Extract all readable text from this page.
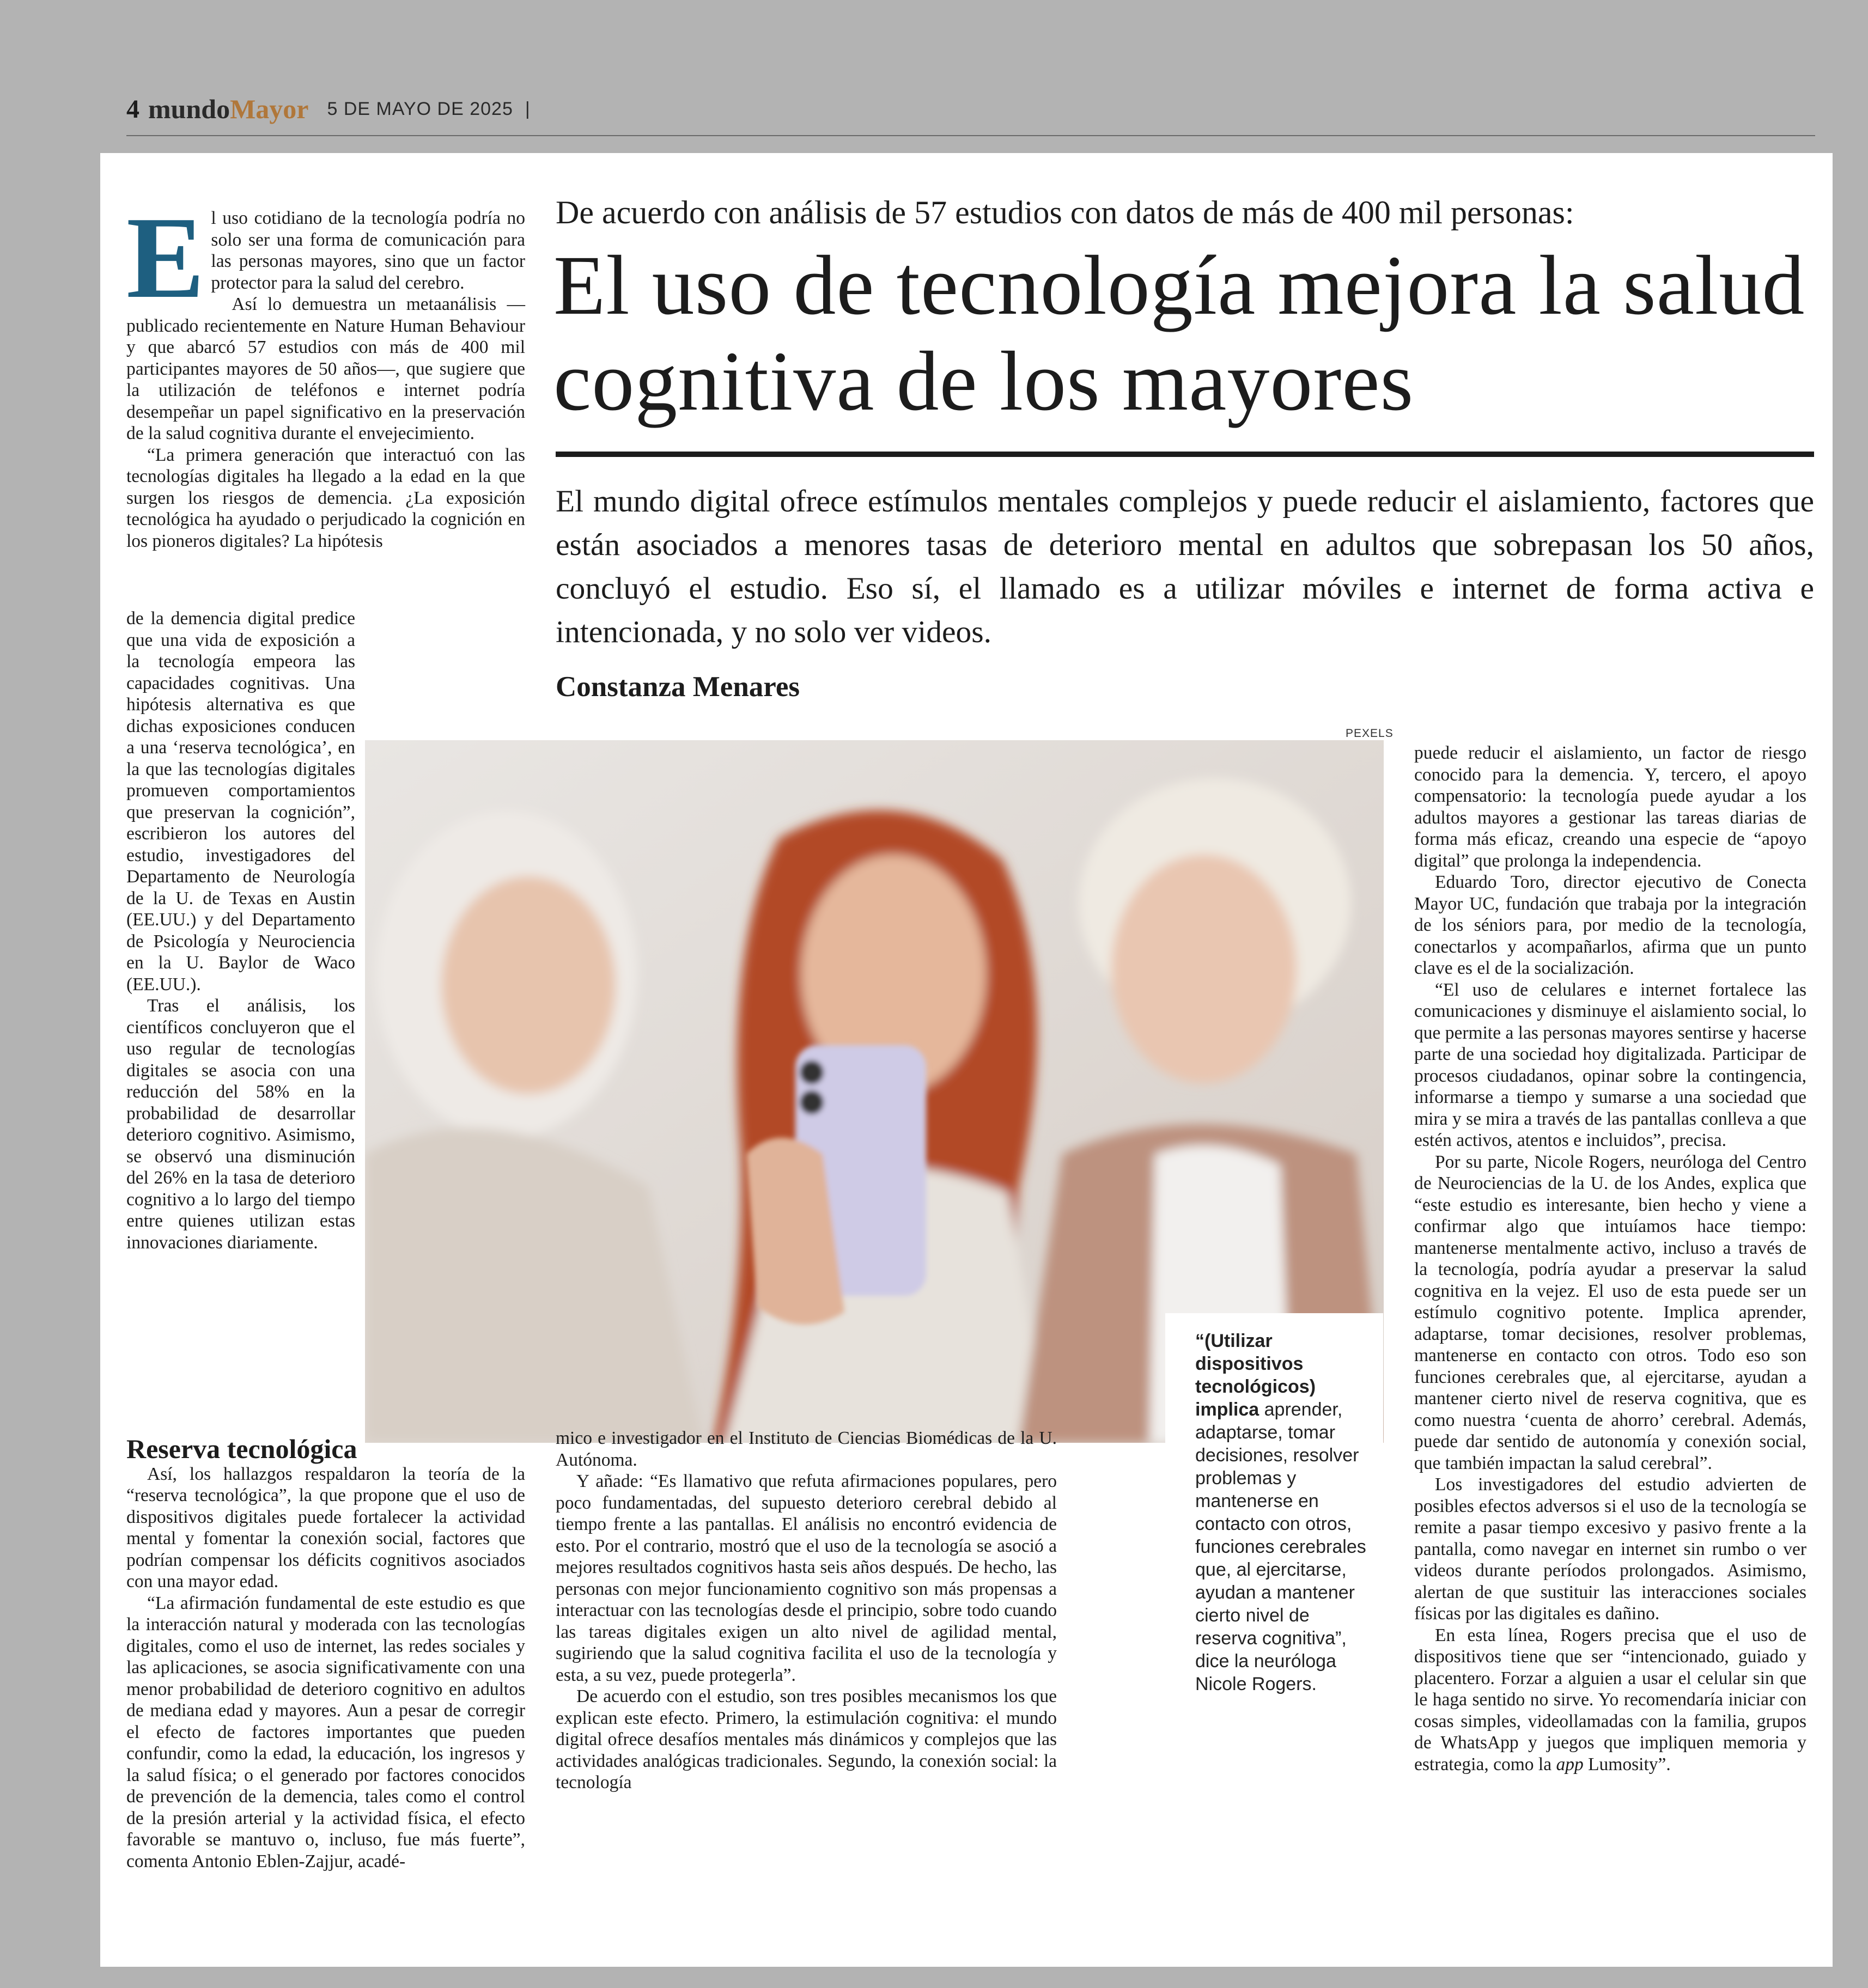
4 mundo Mayor 5 DE MAYO DE 2025 |

El uso cotidiano de la tecnología podría no solo ser una forma de comunicación para las personas mayores, sino que un factor protector para la salud del cerebro.

Así lo demuestra un metaanálisis —publicado recientemente en Nature Human Behaviour y que abarcó 57 estudios con más de 400 mil participantes mayores de 50 años—, que sugiere que la utilización de teléfonos e internet podría desempeñar un papel significativo en la preservación de la salud cognitiva durante el envejecimiento.

“La primera generación que interactuó con las tecnologías digitales ha llegado a la edad en la que surgen los riesgos de demencia. ¿La exposición tecnológica ha ayudado o perjudicado la cognición en los pioneros digitales? La hipótesis

de la demencia digital predice que una vida de exposición a la tecnología empeora las capacidades cognitivas. Una hipótesis alternativa es que dichas exposiciones conducen a una ‘reserva tecnológica’, en la que las tecnologías digitales promueven comportamientos que preservan la cognición”, escribieron los autores del estudio, investigadores del Departamento de Neurología de la U. de Texas en Austin (EE.UU.) y del Departamento de Psicología y Neurociencia en la U. Baylor de Waco (EE.UU.).

Tras el análisis, los científicos concluyeron que el uso regular de tecnologías digitales se asocia con una reducción del 58% en la probabilidad de desarrollar deterioro cognitivo. Asimismo, se observó una disminución del 26% en la tasa de deterioro cognitivo a lo largo del tiempo entre quienes utilizan estas innovaciones diariamente.

De acuerdo con análisis de 57 estudios con datos de más de 400 mil personas:
El uso de tecnología mejora la salud cognitiva de los mayores

El mundo digital ofrece estímulos mentales complejos y puede reducir el aislamiento, factores que están asociados a menores tasas de deterioro mental en adultos que sobrepasan los 50 años, concluyó el estudio. Eso sí, el llamado es a utilizar móviles e internet de forma activa e intencionada, y no solo ver videos.

Constanza Menares
PEXELS
“(Utilizar dispositivos tecnológicos) implica aprender, adaptarse, tomar decisiones, resolver problemas y mantenerse en contacto con otros, funciones cerebrales que, al ejercitarse, ayudan a mantener cierto nivel de reserva cognitiva”, dice la neuróloga Nicole Rogers.
Reserva tecnológica

Así, los hallazgos respaldaron la teoría de la “reserva tecnológica”, la que propone que el uso de dispositivos digitales puede fortalecer la actividad mental y fomentar la conexión social, factores que podrían compensar los déficits cognitivos asociados con una mayor edad.

“La afirmación fundamental de este estudio es que la interacción natural y moderada con las tecnologías digitales, como el uso de internet, las redes sociales y las aplicaciones, se asocia significativamente con una menor probabilidad de deterioro cognitivo en adultos de mediana edad y mayores. Aun a pesar de corregir el efecto de factores importantes que pueden confundir, como la edad, la educación, los ingresos y la salud física; o el generado por factores conocidos de prevención de la demencia, tales como el control de la presión arterial y la actividad física, el efecto favorable se mantuvo o, incluso, fue más fuerte”, comenta Antonio Eblen-Zajjur, acadé-

mico e investigador en el Instituto de Ciencias Biomédicas de la U. Autónoma.

Y añade: “Es llamativo que refuta afirmaciones populares, pero poco fundamentadas, del supuesto deterioro cerebral debido al tiempo frente a las pantallas. El análisis no encontró evidencia de esto. Por el contrario, mostró que el uso de la tecnología se asoció a mejores resultados cognitivos hasta seis años después. De hecho, las personas con mejor funcionamiento cognitivo son más propensas a interactuar con las tecnologías desde el principio, sobre todo cuando las tareas digitales exigen un alto nivel de agilidad mental, sugiriendo que la salud cognitiva facilita el uso de la tecnología y esta, a su vez, puede protegerla”.

De acuerdo con el estudio, son tres posibles mecanismos los que explican este efecto. Primero, la estimulación cognitiva: el mundo digital ofrece desafíos mentales más dinámicos y complejos que las actividades analógicas tradicionales. Segundo, la conexión social: la tecnología

puede reducir el aislamiento, un factor de riesgo conocido para la demencia. Y, tercero, el apoyo compensatorio: la tecnología puede ayudar a los adultos mayores a gestionar las tareas diarias de forma más eficaz, creando una especie de “apoyo digital” que prolonga la independencia.

Eduardo Toro, director ejecutivo de Conecta Mayor UC, fundación que trabaja por la integración de los séniors para, por medio de la tecnología, conectarlos y acompañarlos, afirma que un punto clave es el de la socialización.

“El uso de celulares e internet fortalece las comunicaciones y disminuye el aislamiento social, lo que permite a las personas mayores sentirse y hacerse parte de una sociedad hoy digitalizada. Participar de procesos ciudadanos, opinar sobre la contingencia, informarse a tiempo y sumarse a una sociedad que mira y se mira a través de las pantallas conlleva a que estén activos, atentos e incluidos”, precisa.

Por su parte, Nicole Rogers, neuróloga del Centro de Neurociencias de la U. de los Andes, explica que “este estudio es interesante, bien hecho y viene a confirmar algo que intuíamos hace tiempo: mantenerse mentalmente activo, incluso a través de la tecnología, podría ayudar a preservar la salud cognitiva en la vejez. El uso de esta puede ser un estímulo cognitivo potente. Implica aprender, adaptarse, tomar decisiones, resolver problemas, mantenerse en contacto con otros. Todo eso son funciones cerebrales que, al ejercitarse, ayudan a mantener cierto nivel de reserva cognitiva, que es como nuestra ‘cuenta de ahorro’ cerebral. Además, puede dar sentido de autonomía y conexión social, que también impactan la salud cerebral”.

Los investigadores del estudio advierten de posibles efectos adversos si el uso de la tecnología se remite a pasar tiempo excesivo y pasivo frente a la pantalla, como navegar en internet sin rumbo o ver videos durante períodos prolongados. Asimismo, alertan de que sustituir las interacciones sociales físicas por las digitales es dañino.

En esta línea, Rogers precisa que el uso de dispositivos tiene que ser “intencionado, guiado y placentero. Forzar a alguien a usar el celular sin que le haga sentido no sirve. Yo recomendaría iniciar con cosas simples, videollamadas con la familia, grupos de WhatsApp y juegos que impliquen memoria y estrategia, como la app Lumosity”.
